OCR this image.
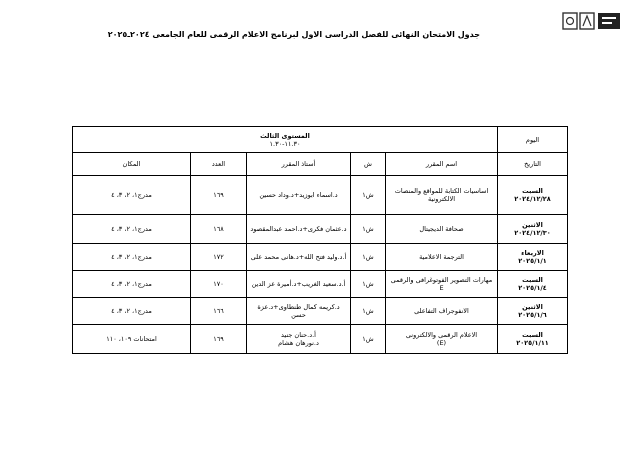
جدول الامتحان النهائى للفصل الدراسى الاول لبرنامج الاعلام الرقمى للعام الجامعى ٢٠٢٤ـ٢٠٢٥
اليوم	المستوى الثالث
١١.٣٠-١.٣٠				

التاريخ	اسم المقرر	ش	أستاذ المقرر	العدد	المكان

السبت
٢٠٢٤/١٢/٢٨	اساسيات الكتابة للمواقع والمنصات الالكترونية	ش١	د.اسماء ابوزيد+د.وداد حسين	١٦٩	مدرج١، ٢، ٣، ٤

الاثنين
٢٠٢٤/١٢/٣٠	صحافة الديجيتال	ش١	د.عثمان فكرى+د.احمد عبدالمقصود	١٦٨	مدرج١، ٢، ٣، ٤

الاربعاء
٢٠٢٥/١/١	الترجمة الاعلامية	ش١	أ.د.وليد فتح الله+د.هانى محمد على	١٧٢	مدرج١، ٢، ٣، ٤

السبت
٢٠٢٥/١/٤	مهارات التصوير الفوتوغرافى والرقمى E	ش١	أ.د.سعيد الغريب+د.أميرة عز الدين	١٧٠	مدرج١، ٢، ٣، ٤

الاثنين
٢٠٢٥/١/٦	الانفوجراف التفاعلى	ش١	د.كريمه كمال طنطاوى+د.عزة حسن	١٦٦	مدرج١، ٢، ٣، ٤

السبت
٢٠٢٥/١/١١	الاعلام الرقمى والالكترونى
(E)	ش١	أ.د.حنان جنيد
د.نورهان هشام	١٦٩	امتحانات ١٠٩، ١١٠
